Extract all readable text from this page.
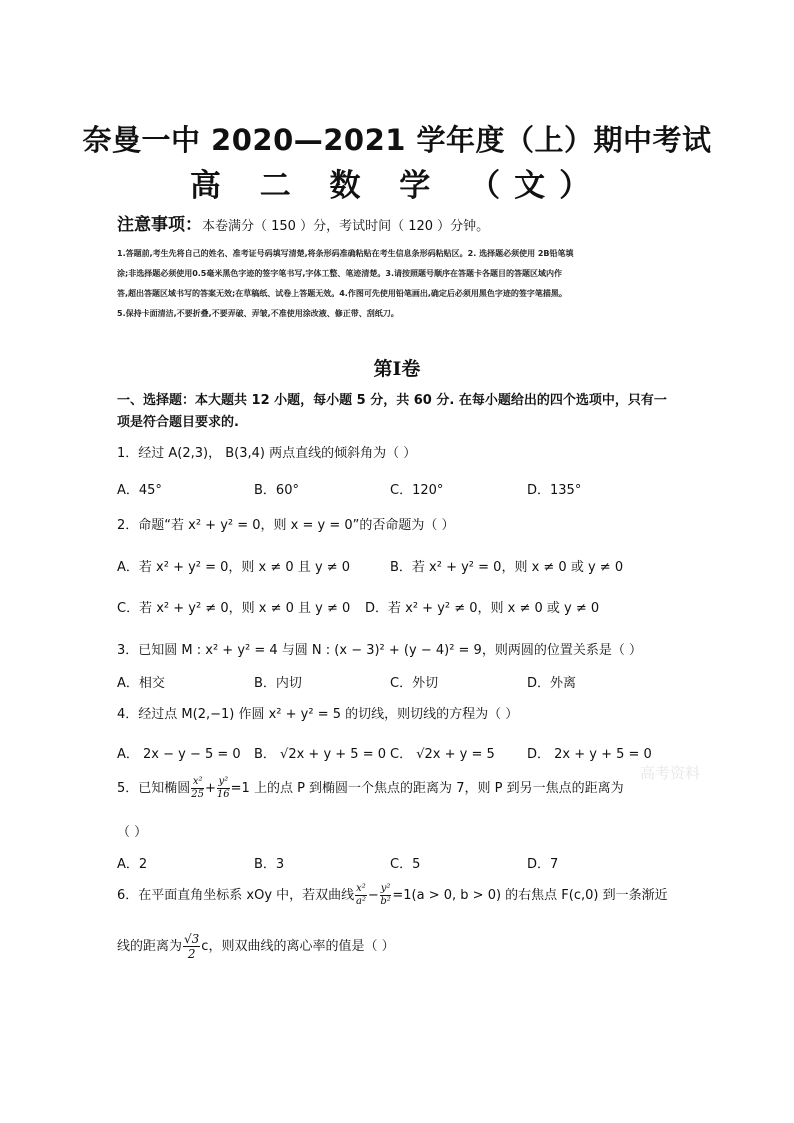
奈曼一中 2020—2021 学年度（上）期中考试
高 二 数 学 （文）
注意事项：本卷满分（ 150 ）分，考试时间（ 120 ）分钟。

1.答题前,考生先将自己的姓名、准考证号码填写清楚,将条形码准确粘贴在考生信息条形码粘贴区。2. 选择题必须使用 2B铅笔填

涂;非选择题必须使用0.5毫米黑色字迹的签字笔书写,字体工整、笔迹清楚。3.请按照题号顺序在答题卡各题目的答题区域内作

答,超出答题区域书写的答案无效;在草稿纸、试卷上答题无效。4.作图可先使用铅笔画出,确定后必须用黑色字迹的签字笔描黑。

5.保持卡面清洁,不要折叠,不要弄破、弄皱,不准使用涂改液、修正带、刮纸刀。

第Ⅰ卷

一、选择题：本大题共 12 小题，每小题 5 分，共 60 分. 在每小题给出的四个选项中，只有一

项是符合题目要求的.

1．经过 A(2,3)， B(3,4) 两点直线的倾斜角为（ ）
A．45°	B．60°	C．120°	D．135°
2．命题“若 x² + y² = 0，则 x = y = 0”的否命题为（ ）
A．若 x² + y² = 0，则 x ≠ 0 且 y ≠ 0	B．若 x² + y² = 0，则 x ≠ 0 或 y ≠ 0
C．若 x² + y² ≠ 0，则 x ≠ 0 且 y ≠ 0 D．若 x² + y² ≠ 0，则 x ≠ 0 或 y ≠ 0
3．已知圆 M : x² + y² = 4 与圆 N : (x − 3)² + (y − 4)² = 9，则两圆的位置关系是（ ）
A．相交	B．内切	C．外切	D．外离
4．经过点 M(2,−1) 作圆 x² + y² = 5 的切线，则切线的方程为（ ）
A． 2x − y − 5 = 0 B． √2x + y + 5 = 0 C． √2x + y = 5 D． 2x + y + 5 = 0
5．已知椭圆 $\frac{\text{x²}}{25} + \frac{\text{y²}}{16} =1$ 上的点 P 到椭圆一个焦点的距离为 7，则 P 到另一焦点的距离为
（ ）
A．2	B．3	C．5	D．7
6．在平面直角坐标系 xOy 中，若双曲线 $\frac{\text{x²}}{\text{a²}} - \frac{\text{y²}}{\text{b²}} =1(a > 0$, b > 0) 的右焦点 F(c,0) 到一条渐近
线的距离为 $\frac{√3}{2}$ c，则双曲线的离心率的值是（ ）
高考资料
